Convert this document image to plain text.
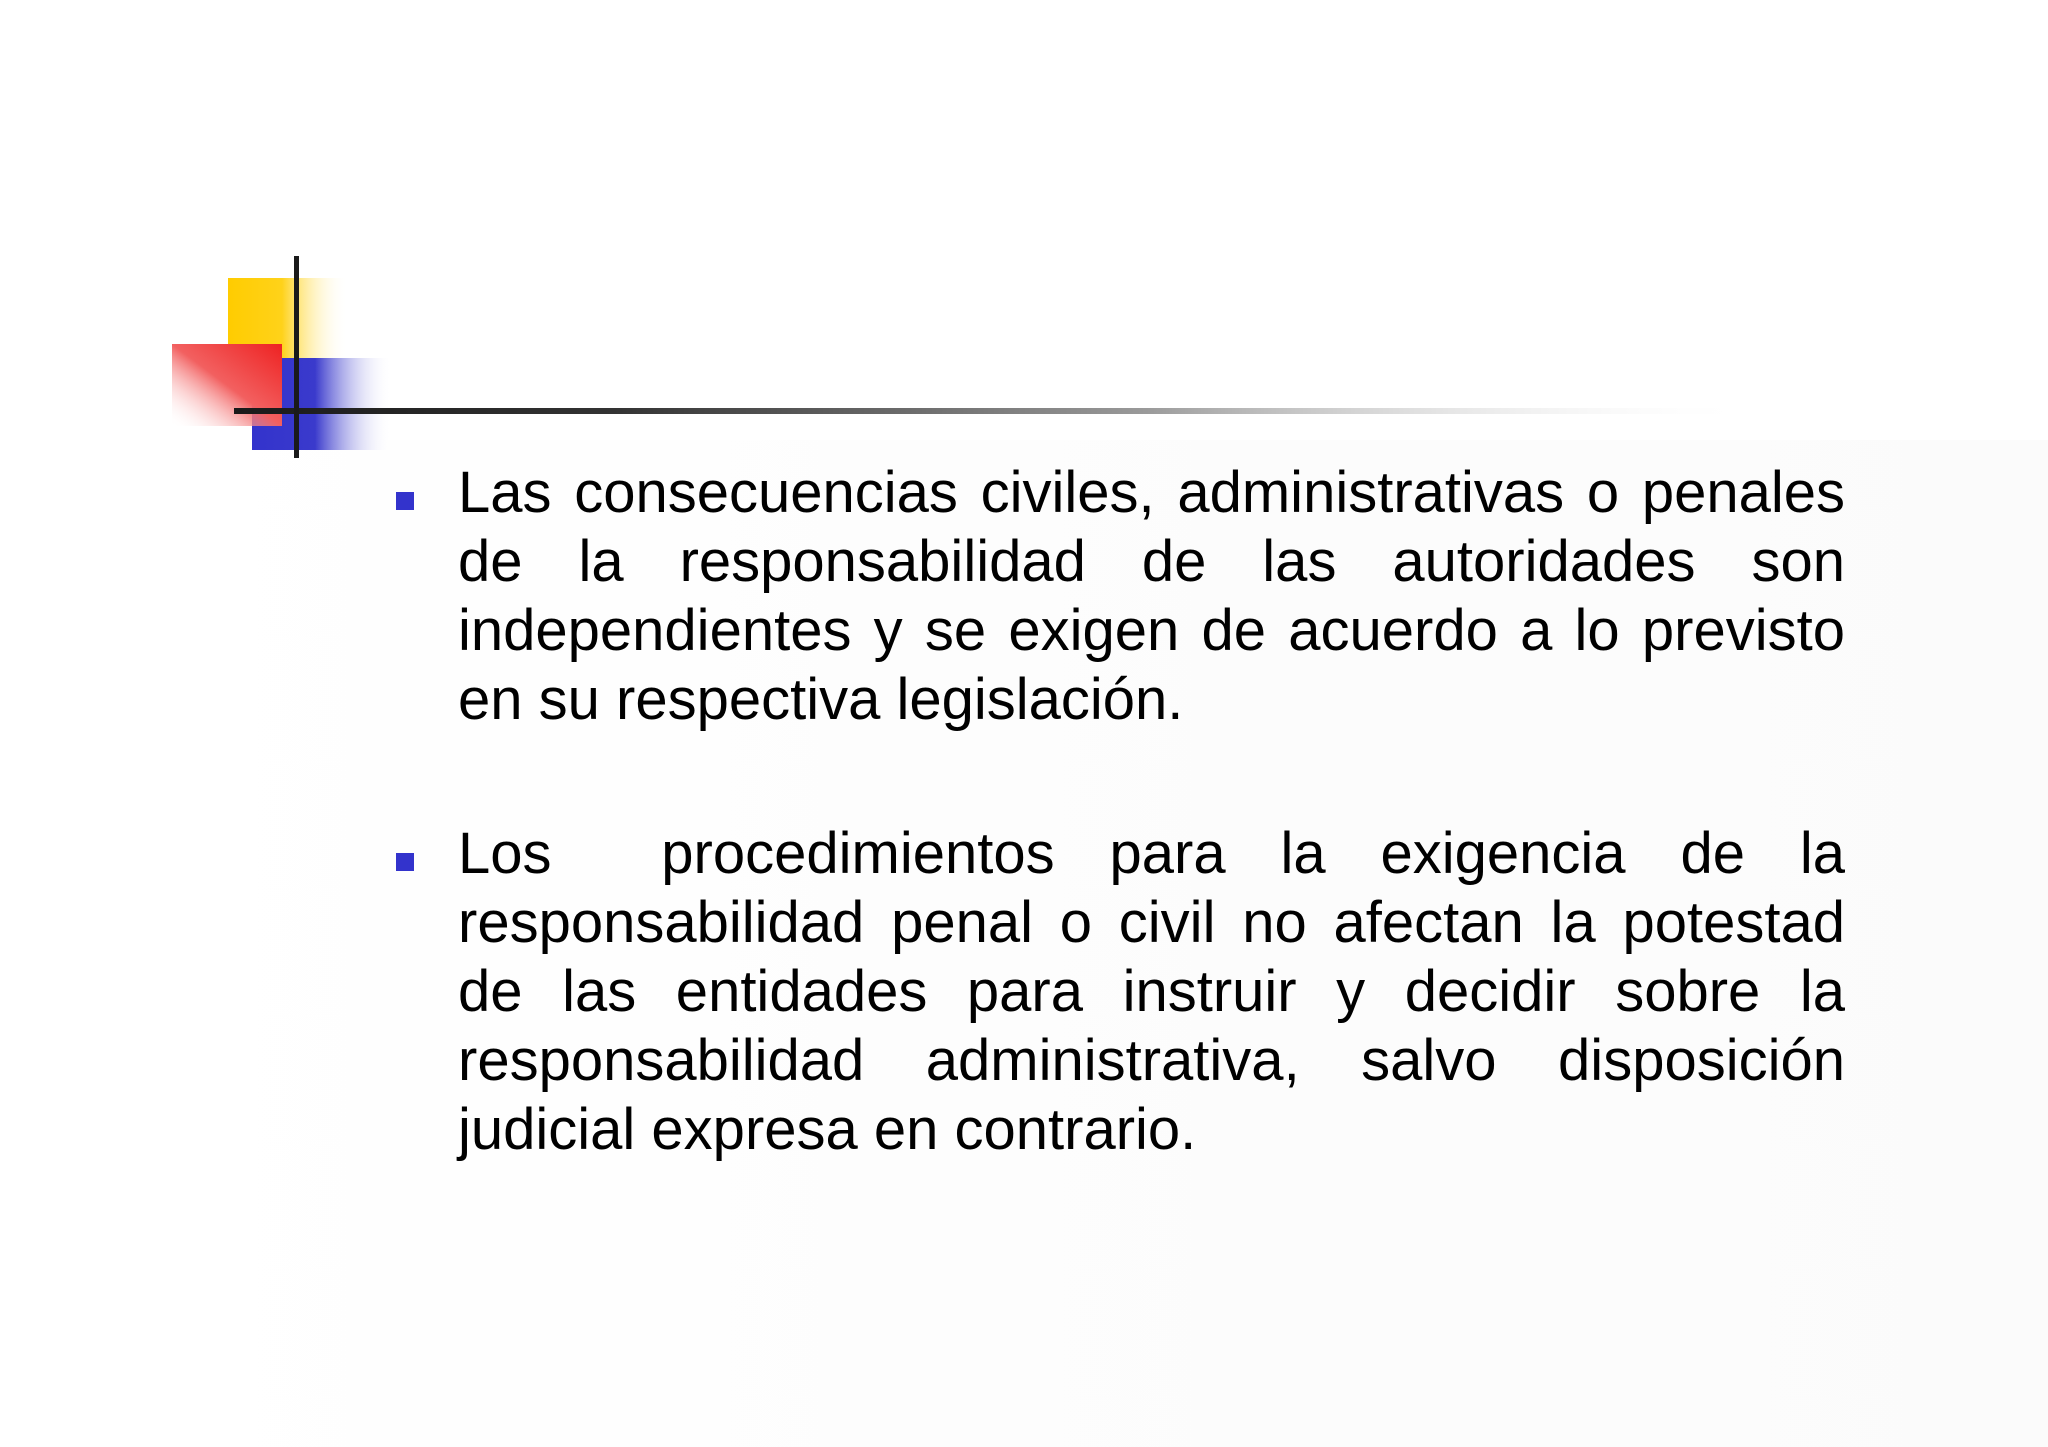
Las consecuencias civiles, administrativas o penales de la responsabilidad de las autoridades son independientes y se exigen de acuerdo a lo previsto en su respectiva legislación.
Los  procedimientos para la exigencia de la responsabilidad penal o civil no afectan la potestad de las entidades para instruir y decidir sobre la responsabilidad administrativa, salvo disposición judicial expresa en contrario.
